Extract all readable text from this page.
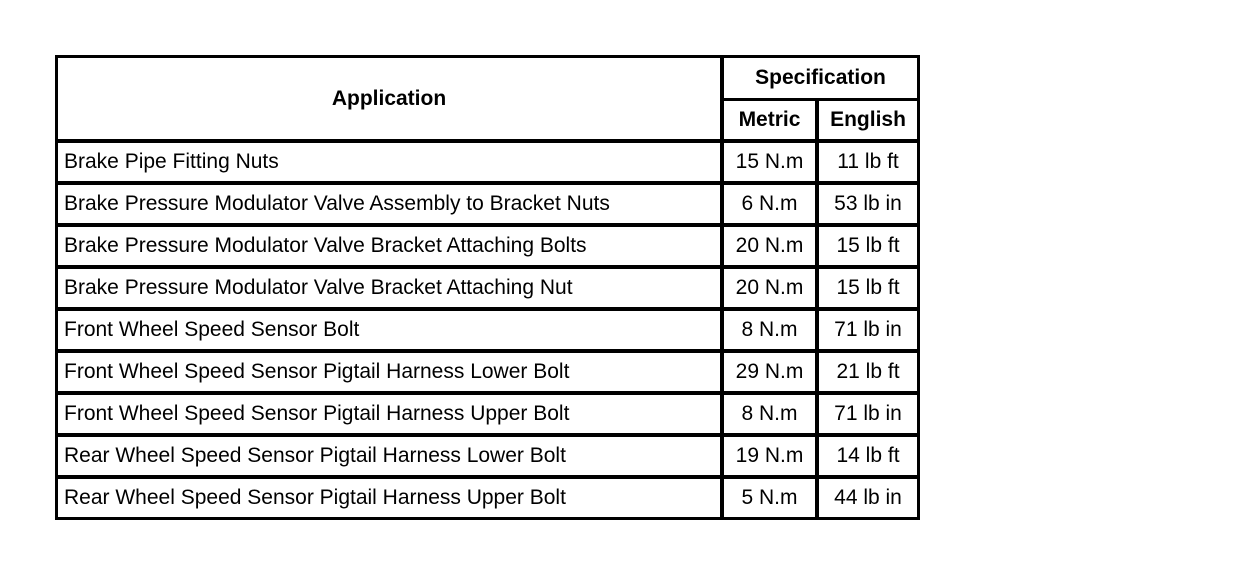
Application	Specification	
	Metric	English
Brake Pipe Fitting Nuts	15 N.m	11 lb ft
Brake Pressure Modulator Valve Assembly to Bracket Nuts	6 N.m	53 lb in
Brake Pressure Modulator Valve Bracket Attaching Bolts	20 N.m	15 lb ft
Brake Pressure Modulator Valve Bracket Attaching Nut	20 N.m	15 lb ft
Front Wheel Speed Sensor Bolt	8 N.m	71 lb in
Front Wheel Speed Sensor Pigtail Harness Lower Bolt	29 N.m	21 lb ft
Front Wheel Speed Sensor Pigtail Harness Upper Bolt	8 N.m	71 lb in
Rear Wheel Speed Sensor Pigtail Harness Lower Bolt	19 N.m	14 lb ft
Rear Wheel Speed Sensor Pigtail Harness Upper Bolt	5 N.m	44 lb in
